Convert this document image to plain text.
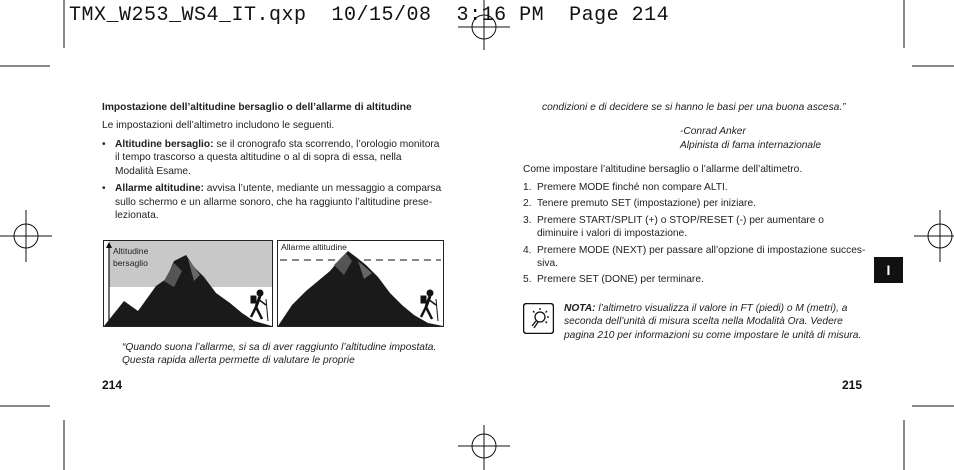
TMX_W253_WS4_IT.qxp  10/15/08  3:16 PM  Page 214
Impostazione dell’altitudine bersaglio o dell’allarme di altitudine
Le impostazioni dell’altimetro includono le seguenti.
• Altitudine bersaglio: se il cronografo sta scorrendo, l’orologio monitora il tempo trascorso a questa altitudine o al di sopra di essa, nella Modalità Esame.
• Allarme altitudine: avvisa l’utente, mediante un messaggio a comparsa sullo schermo e un allarme sonoro, che ha raggiunto l’altitudine prese-lezionata.
Altitudine
bersaglio
Allarme altitudine
“Quando suona l’allarme, si sa di aver raggiunto l’altitudine impostata. Questa rapida allerta permette di valutare le proprie
214
condizioni e di decidere se si hanno le basi per una buona ascesa.”
-Conrad Anker
Alpinista di fama internazionale
Come impostare l’altitudine bersaglio o l’allarme dell’altimetro.
1. Premere MODE finché non compare ALTI.
2. Tenere premuto SET (impostazione) per iniziare.
3. Premere START/SPLIT (+) o STOP/RESET (-) per aumentare o diminuire i valori di impostazione.
4. Premere MODE (NEXT) per passare all’opzione di impostazione succes-siva.
5. Premere SET (DONE) per terminare.
NOTA: l’altimetro visualizza il valore in FT (piedi) o M (metri), a seconda dell’unità di misura scelta nella Modalità Ora. Vedere pagina 210 per informazioni su come impostare le unità di misura.
I
215
